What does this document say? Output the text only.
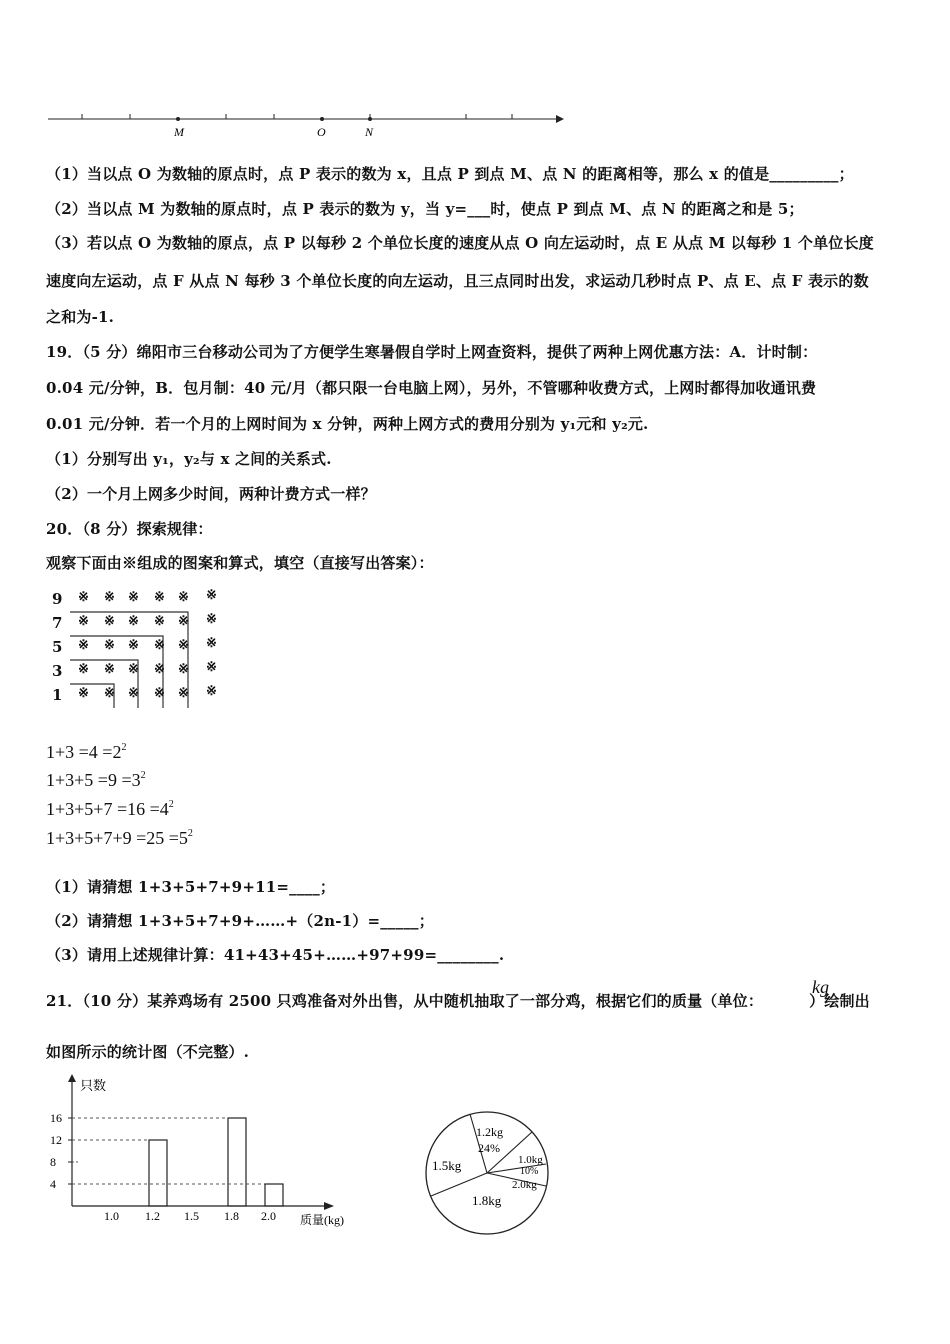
M	O	N
（1）当以点 O 为数轴的原点时，点 P 表示的数为 x，且点 P 到点 M、点 N 的距离相等，那么 x 的值是_________；
（2）当以点 M 为数轴的原点时，点 P 表示的数为 y，当 y=___时，使点 P 到点 M、点 N 的距离之和是 5；
（3）若以点 O 为数轴的原点，点 P 以每秒 2 个单位长度的速度从点 O 向左运动时，点 E 从点 M 以每秒 1 个单位长度
速度向左运动，点 F 从点 N 每秒 3 个单位长度的向左运动，且三点同时出发，求运动几秒时点 P、点 E、点 F 表示的数
之和为-1.
19．（5 分）绵阳市三台移动公司为了方便学生寒暑假自学时上网查资料，提供了两种上网优惠方法：A．计时制：
0.04 元/分钟，B．包月制：40 元/月（都只限一台电脑上网），另外，不管哪种收费方式，上网时都得加收通讯费
0.01 元/分钟．若一个月的上网时间为 x 分钟，两种上网方式的费用分别为 y₁元和 y₂元.
（1）分别写出 y₁，y₂与 x 之间的关系式.
（2）一个月上网多少时间，两种计费方式一样？
20．（8 分）探索规律：
观察下面由※组成的图案和算式，填空（直接写出答案）：
9
7
5
3
1
※ ※ ※ ※ ※ ※
※ ※ ※ ※ ※ ※
※ ※ ※ ※ ※ ※
※ ※ ※ ※ ※ ※
※ ※ ※ ※ ※ ※
$1+3 =4 =2^2$
$1+3+5 =9 =3^2$
$1+3+5+7 =16 =4^2$
$1+3+5+7+9 =25 =5^2$
（1）请猜想 1+3+5+7+9+11=____；
（2）请猜想 1+3+5+7+9+……+（2n-1）=_____；
（3）请用上述规律计算：41+43+45+……+97+99=________.
21．（10 分）某养鸡场有 2500 只鸡准备对外出售，从中随机抽取了一部分鸡，根据它们的质量（单位：	）绘制出
kg
如图所示的统计图（不完整）.
只数
质量(kg)
4
8
12
16
1.0 1.2 1.5 1.8 2.0
1.2kg
24%
1.0kg
10%
2.0kg
1.8kg
1.5kg
